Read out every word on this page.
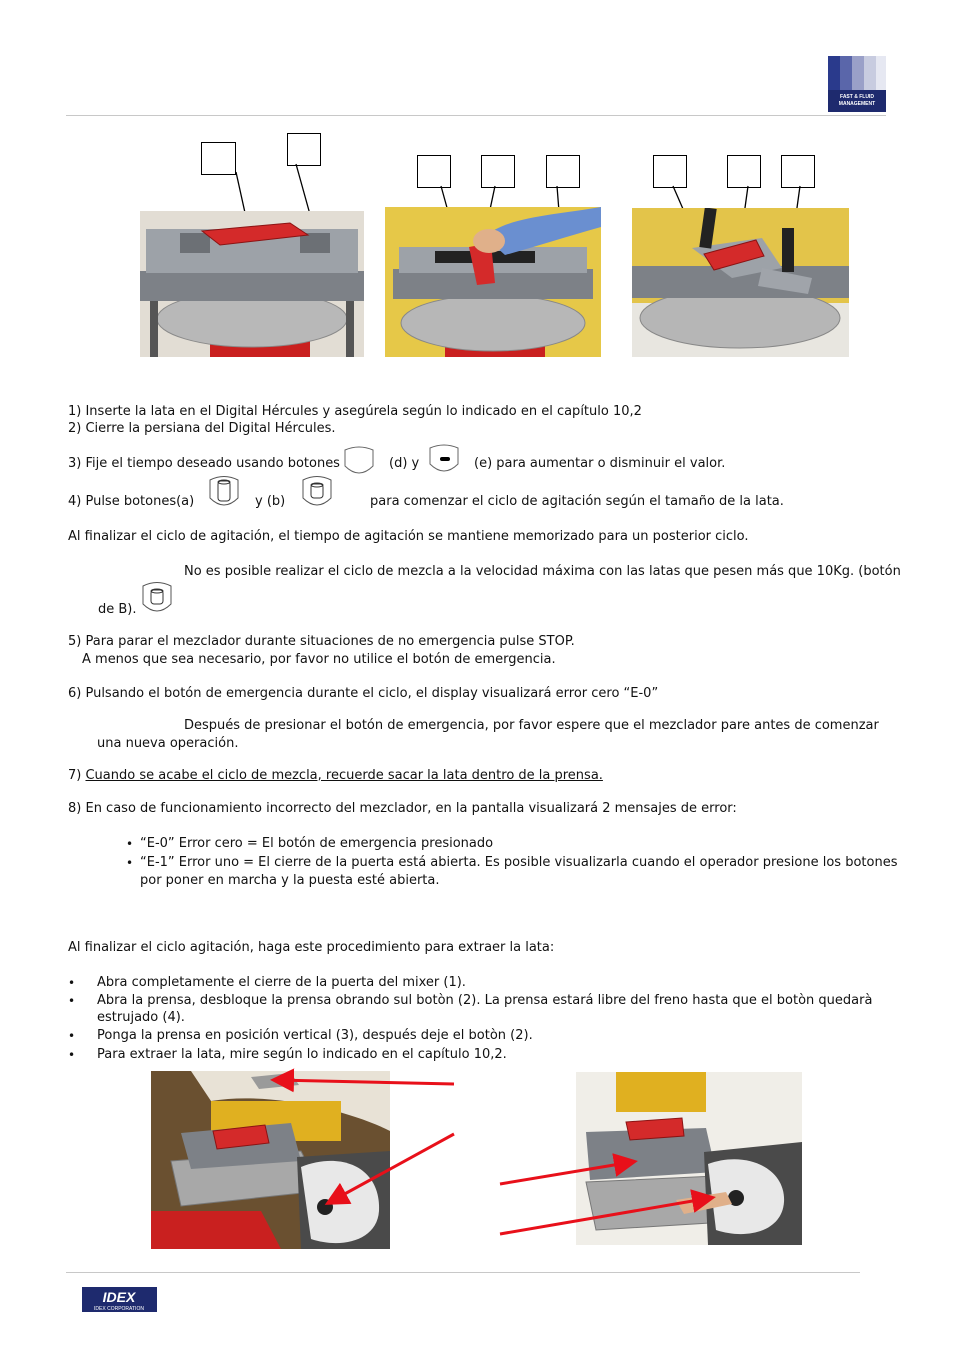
FAST & FLUID
MANAGEMENT
1) Inserte la lata en el Digital Hércules y asegúrela según lo indicado en el capítulo 10,2
2) Cierre la persiana del Digital Hércules.
3) Fije el tiempo deseado usando botones	(d) y	(e) para aumentar o disminuir el valor.
4) Pulse botones(a)	y (b)	para comenzar el ciclo de agitación según el tamaño de la lata.
Al finalizar el ciclo de agitación, el tiempo de agitación se mantiene memorizado para un posterior ciclo.
No es posible realizar el ciclo de mezcla a la velocidad máxima con las latas que pesen más que 10Kg. (botón
de B).
5) Para parar el mezclador durante situaciones de no emergencia pulse STOP.
A menos que sea necesario, por favor no utilice el botón de emergencia.
6) Pulsando el botón de emergencia durante el ciclo, el display visualizará error cero “E-0”
Después de presionar el botón de emergencia, por favor espere que el mezclador pare antes de comenzar
una nueva operación.
7) Cuando se acabe el ciclo de mezcla, recuerde sacar la lata dentro de la prensa.
8) En caso de funcionamiento incorrecto del mezclador, en la pantalla visualizará 2 mensajes de error:
• “E-0” Error cero = El botón de emergencia presionado
• “E-1” Error uno = El cierre de la puerta está abierta. Es posible visualizarla cuando el operador presione los botones
por poner en marcha y la puesta esté abierta.
Al finalizar el ciclo agitación, haga este procedimiento para extraer la lata:
• Abra completamente el cierre de la puerta del mixer (1).
• Abra la prensa, desbloque la prensa obrando sul botòn (2). La prensa estará libre del freno hasta que el botòn quedarà
estrujado (4).
• Ponga la prensa en posición vertical (3), después deje el botòn (2).
• Para extraer la lata, mire según lo indicado en el capítulo 10,2.
IDEX
IDEX CORPORATION
